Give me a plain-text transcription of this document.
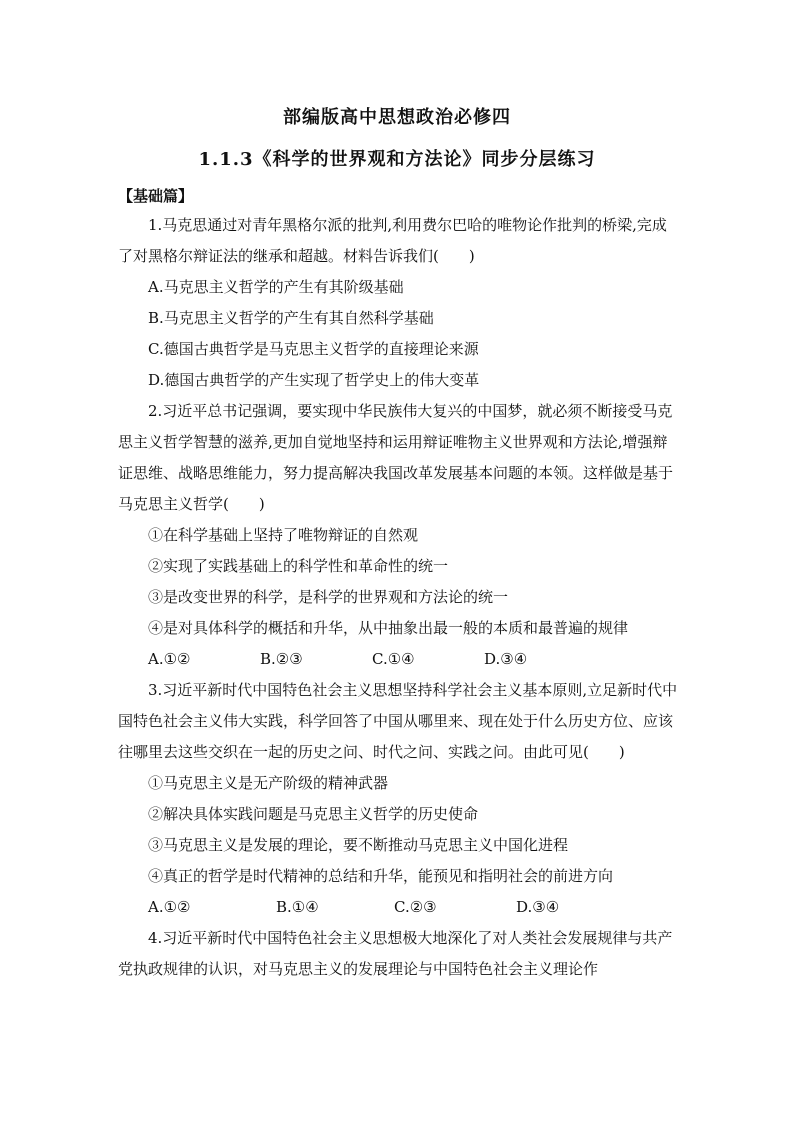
部编版高中思想政治必修四
1.1.3《科学的世界观和方法论》同步分层练习
【基础篇】

1.马克思通过对青年黑格尔派的批判,利用费尔巴哈的唯物论作批判的桥梁,完成了对黑格尔辩证法的继承和超越。材料告诉我们(　　)

A.马克思主义哲学的产生有其阶级基础

B.马克思主义哲学的产生有其自然科学基础

C.德国古典哲学是马克思主义哲学的直接理论来源

D.德国古典哲学的产生实现了哲学史上的伟大变革

2.习近平总书记强调，要实现中华民族伟大复兴的中国梦，就必须不断接受马克思主义哲学智慧的滋养,更加自觉地坚持和运用辩证唯物主义世界观和方法论,增强辩证思维、战略思维能力，努力提高解决我国改革发展基本问题的本领。这样做是基于马克思主义哲学(　　)

①在科学基础上坚持了唯物辩证的自然观

②实现了实践基础上的科学性和革命性的统一

③是改变世界的科学，是科学的世界观和方法论的统一

④是对具体科学的概括和升华，从中抽象出最一般的本质和最普遍的规律

A.①②	B.②③	C.①④	D.③④

3.习近平新时代中国特色社会主义思想坚持科学社会主义基本原则,立足新时代中国特色社会主义伟大实践，科学回答了中国从哪里来、现在处于什么历史方位、应该往哪里去这些交织在一起的历史之问、时代之问、实践之问。由此可见(　　)

①马克思主义是无产阶级的精神武器

②解决具体实践问题是马克思主义哲学的历史使命

③马克思主义是发展的理论，要不断推动马克思主义中国化进程

④真正的哲学是时代精神的总结和升华，能预见和指明社会的前进方向

A.①②	B.①④	C.②③	D.③④

4.习近平新时代中国特色社会主义思想极大地深化了对人类社会发展规律与共产党执政规律的认识，对马克思主义的发展理论与中国特色社会主义理论作
